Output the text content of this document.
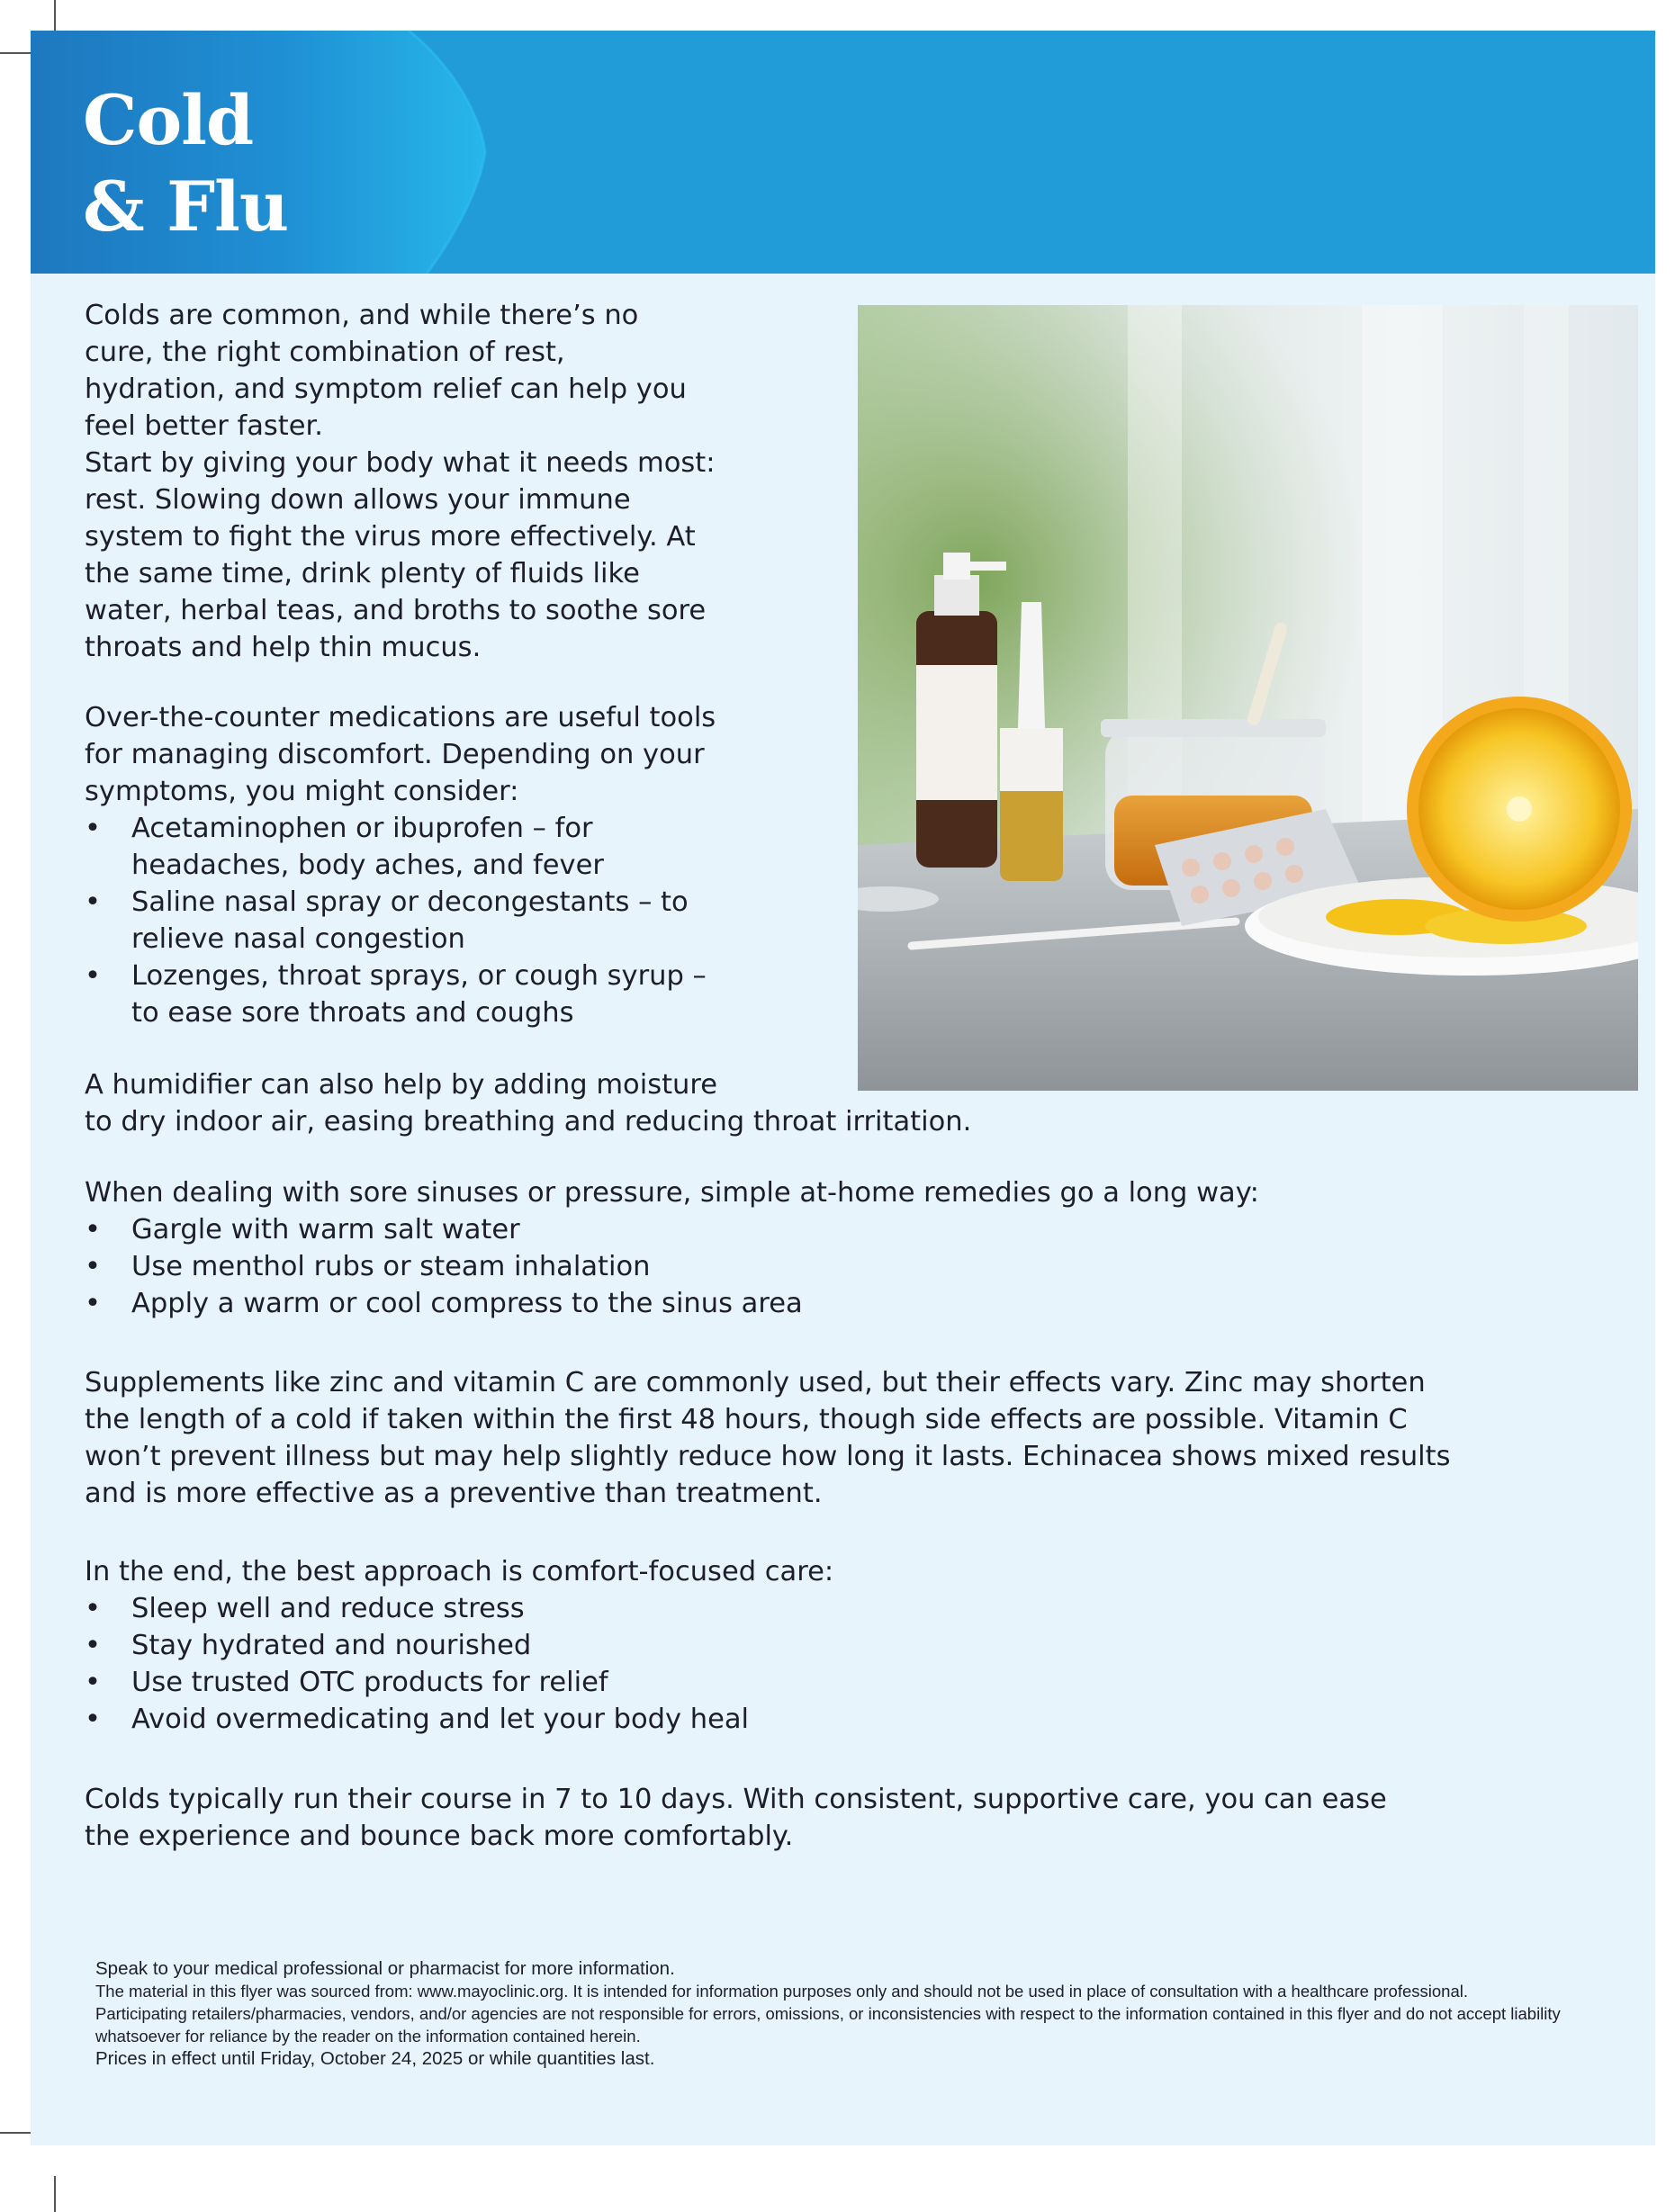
Cold
& Flu

Colds are common, and while there’s no cure, the right combination of rest, hydration, and symptom relief can help you feel better faster.

Start by giving your body what it needs most: rest. Slowing down allows your immune system to fight the virus more effectively. At the same time, drink plenty of fluids like water, herbal teas, and broths to soothe sore throats and help thin mucus.

Over-the-counter medications are useful tools for managing discomfort. Depending on your symptoms, you might consider:

• Acetaminophen or ibuprofen – for headaches, body aches, and fever
• Saline nasal spray or decongestants – to relieve nasal congestion
• Lozenges, throat sprays, or cough syrup – to ease sore throats and coughs

A humidifier can also help by adding moisture
to dry indoor air, easing breathing and reducing throat irritation.

When dealing with sore sinuses or pressure, simple at-home remedies go a long way:

• Gargle with warm salt water
• Use menthol rubs or steam inhalation
• Apply a warm or cool compress to the sinus area

Supplements like zinc and vitamin C are commonly used, but their effects vary. Zinc may shorten the length of a cold if taken within the first 48 hours, though side effects are possible. Vitamin C won’t prevent illness but may help slightly reduce how long it lasts. Echinacea shows mixed results and is more effective as a preventive than treatment.

In the end, the best approach is comfort-focused care:

• Sleep well and reduce stress
• Stay hydrated and nourished
• Use trusted OTC products for relief
• Avoid overmedicating and let your body heal

Colds typically run their course in 7 to 10 days. With consistent, supportive care, you can ease the experience and bounce back more comfortably.

Speak to your medical professional or pharmacist for more information.

The material in this flyer was sourced from: www.mayoclinic.org. It is intended for information purposes only and should not be used in place of consultation with a healthcare professional.

Participating retailers/pharmacies, vendors, and/or agencies are not responsible for errors, omissions, or inconsistencies with respect to the information contained in this flyer and do not accept liability whatsoever for reliance by the reader on the information contained herein.

Prices in effect until Friday, October 24, 2025 or while quantities last.
